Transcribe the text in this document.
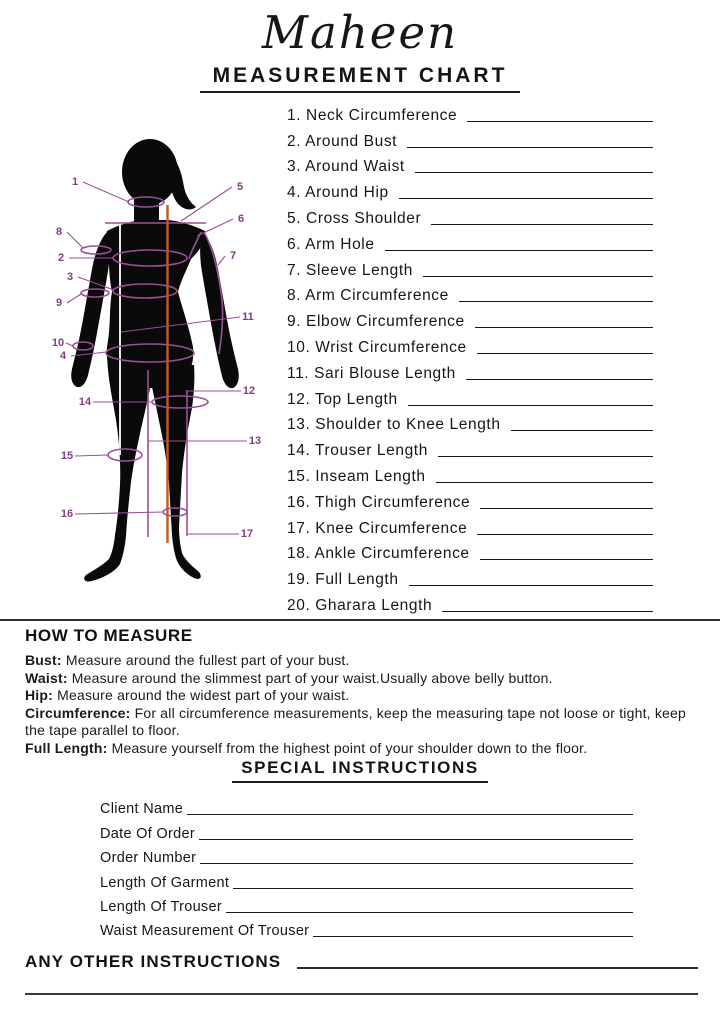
Maheen
MEASUREMENT CHART
1
2
3
4
5
6
7
8
9
10
11
12
13
14
15
16
17
1. Neck Circumference
2. Around Bust
3. Around Waist
4. Around Hip
5. Cross Shoulder
6. Arm Hole
7. Sleeve Length
8. Arm Circumference
9. Elbow Circumference
10. Wrist Circumference
11. Sari Blouse Length
12. Top Length
13. Shoulder to Knee Length
14. Trouser Length
15. Inseam Length
16. Thigh Circumference
17. Knee Circumference
18. Ankle Circumference
19. Full Length
20. Gharara Length
HOW TO MEASURE
Bust: Measure around the fullest part of your bust.
Waist: Measure around the slimmest part of your waist.Usually above belly button.
Hip: Measure around the widest part of your waist.
Circumference: For all circumference measurements, keep the measuring tape not loose or tight, keep the tape parallel to floor.
Full Length: Measure yourself from the highest point of your shoulder down to the floor.
SPECIAL INSTRUCTIONS
Client Name
Date Of Order
Order Number
Length Of Garment
Length Of Trouser
Waist Measurement Of Trouser
ANY OTHER INSTRUCTIONS
